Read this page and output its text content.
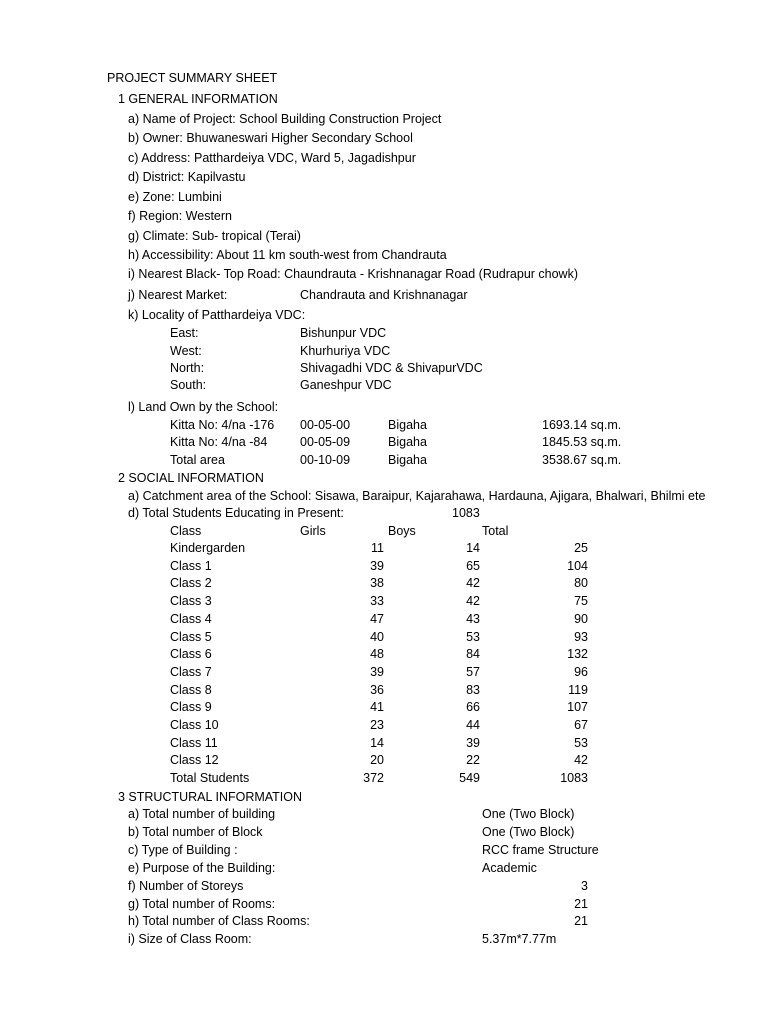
PROJECT SUMMARY SHEET
1 GENERAL INFORMATION
a) Name of Project: School Building Construction Project
b) Owner: Bhuwaneswari Higher Secondary School
c) Address: Patthardeiya VDC, Ward 5, Jagadishpur
d) District: Kapilvastu
e) Zone: Lumbini
f) Region: Western
g) Climate: Sub- tropical (Terai)
h) Accessibility: About 11 km south-west from Chandrauta
i) Nearest Black- Top Road: Chaundrauta - Krishnanagar Road (Rudrapur chowk)
j) Nearest Market:	Chandrauta and Krishnanagar
k) Locality of Patthardeiya VDC:
East:	Bishunpur VDC
West:	Khurhuriya VDC
North:	Shivagadhi VDC & ShivapurVDC
South:	Ganeshpur VDC
l) Land Own by the School:
Kitta No: 4/na -176 00-05-00	Bigaha	1693.14 sq.m.
Kitta No: 4/na -84	00-05-09	Bigaha	1845.53 sq.m.
Total area	00-10-09	Bigaha	3538.67 sq.m.
2 SOCIAL INFORMATION
a) Catchment area of the School: Sisawa, Baraipur, Kajarahawa, Hardauna, Ajigara, Bhalwari, Bhilmi ete
d) Total Students Educating in Present:	1083
Class	Girls	Boys	Total
Kindergarden	11	14	25
Class 1	39	65	104
Class 2	38	42	80
Class 3	33	42	75
Class 4	47	43	90
Class 5	40	53	93
Class 6	48	84	132
Class 7	39	57	96
Class 8	36	83	119
Class 9	41	66	107
Class 10	23	44	67
Class 11	14	39	53
Class 12	20	22	42
Total Students	372	549	1083
3 STRUCTURAL INFORMATION
a) Total number of building	One (Two Block)
b) Total number of Block	One (Two Block)
c) Type of Building :	RCC frame Structure
e) Purpose of the Building:	Academic
f) Number of Storeys	3
g) Total number of Rooms:	21
h) Total number of Class Rooms:	21
i) Size of Class Room:	5.37m*7.77m
